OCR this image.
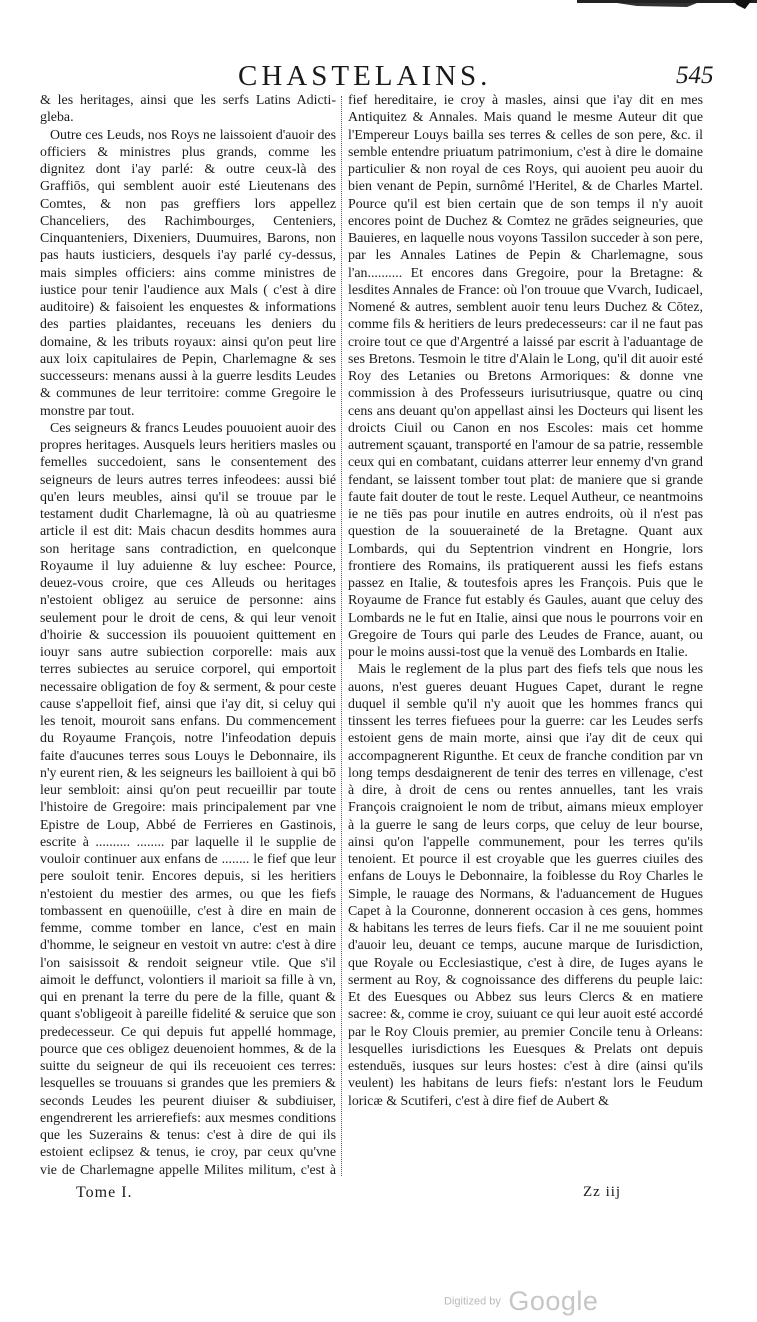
CHASTELAINS.	545

& les heritages, ainsi que les serfs Latins Adicti-gleba.

Outre ces Leuds, nos Roys ne laissoient d'auoir des officiers & ministres plus grands, comme les dignitez dont i'ay parlé: & outre ceux-là des Graffiōs, qui semblent auoir esté Lieutenans des Comtes, & non pas greffiers lors appellez Chanceliers, des Rachimbourges, Centeniers, Cinquanteniers, Dixeniers, Duumuires, Barons, non pas hauts iusticiers, desquels i'ay parlé cy-dessus, mais simples officiers: ains comme ministres de iustice pour tenir l'audience aux Mals ( c'est à dire auditoire) & faisoient les enquestes & informations des parties plaidantes, receuans les deniers du domaine, & les tributs royaux: ainsi qu'on peut lire aux loix capitulaires de Pepin, Charlemagne & ses successeurs: menans aussi à la guerre lesdits Leudes & communes de leur territoire: comme Gregoire le monstre par tout.

Ces seigneurs & francs Leudes pouuoient auoir des propres heritages. Ausquels leurs heritiers masles ou femelles succedoient, sans le consentement des seigneurs de leurs autres terres infeodees: aussi bié qu'en leurs meubles, ainsi qu'il se trouue par le testament dudit Charlemagne, là où au quatriesme article il est dit: Mais chacun desdits hommes aura son heritage sans contradiction, en quelconque Royaume il luy aduienne & luy eschee: Pource, deuez-vous croire, que ces Alleuds ou heritages n'estoient obligez au seruice de personne: ains seulement pour le droit de cens, & qui leur venoit d'hoirie & succession ils pouuoient quittement en iouyr sans autre subiection corporelle: mais aux terres subiectes au seruice corporel, qui emportoit necessaire obligation de foy & serment, & pour ceste cause s'appelloit fief, ainsi que i'ay dit, si celuy qui les tenoit, mouroit sans enfans. Du commencement du Royaume François, notre l'infeodation depuis faite d'aucunes terres sous Louys le Debonnaire, ils n'y eurent rien, & les seigneurs les bailloient à qui bō leur sembloit: ainsi qu'on peut recueillir par toute l'histoire de Gregoire: mais principalement par vne Epistre de Loup, Abbé de Ferrieres en Gastinois, escrite à .......... ........ par laquelle il le supplie de vouloir continuer aux enfans de ........ le fief que leur pere souloit tenir. Encores depuis, si les heritiers n'estoient du mestier des armes, ou que les fiefs tombassent en quenoüille, c'est à dire en main de femme, comme tomber en lance, c'est en main d'homme, le seigneur en vestoit vn autre: c'est à dire l'on saisissoit & rendoit seigneur vtile. Que s'il aimoit le deffunct, volontiers il marioit sa fille à vn, qui en prenant la terre du pere de la fille, quant & quant s'obligeoit à pareille fidelité & seruice que son predecesseur. Ce qui depuis fut appellé hommage, pource que ces obligez deuenoient hommes, & de la suitte du seigneur de qui ils receuoient ces terres: lesquelles se trouuans si grandes que les premiers & seconds Leudes les peurent diuiser & subdiuiser, engendrerent les arrierefiefs: aux mesmes conditions que les Suzerains & tenus: c'est à dire de qui ils estoient eclipsez & tenus, ie croy, par ceux qu'vne vie de Charlemagne appelle Milites militum, c'est à

fief hereditaire, ie croy à masles, ainsi que i'ay dit en mes Antiquitez & Annales. Mais quand le mesme Auteur dit que l'Empereur Louys bailla ses terres & celles de son pere, &c. il semble entendre priuatum patrimonium, c'est à dire le domaine particulier & non royal de ces Roys, qui auoient peu auoir du bien venant de Pepin, surnômé l'Heritel, & de Charles Martel. Pource qu'il est bien certain que de son temps il n'y auoit encores point de Duchez & Comtez ne grādes seigneuries, que Bauieres, en laquelle nous voyons Tassilon succeder à son pere, par les Annales Latines de Pepin & Charlemagne, sous l'an.......... Et encores dans Gregoire, pour la Bretagne: & lesdites Annales de France: où l'on trouue que Vvarch, Iudicael, Nomené & autres, semblent auoir tenu leurs Duchez & Cōtez, comme fils & heritiers de leurs predecesseurs: car il ne faut pas croire tout ce que d'Argentré a laissé par escrit à l'aduantage de ses Bretons. Tesmoin le titre d'Alain le Long, qu'il dit auoir esté Roy des Letanies ou Bretons Armoriques: & donne vne commission à des Professeurs iurisutriusque, quatre ou cinq cens ans deuant qu'on appellast ainsi les Docteurs qui lisent les droicts Ciuil ou Canon en nos Escoles: mais cet homme autrement sçauant, transporté en l'amour de sa patrie, ressemble ceux qui en combatant, cuidans atterrer leur ennemy d'vn grand fendant, se laissent tomber tout plat: de maniere que si grande faute fait douter de tout le reste. Lequel Autheur, ce neantmoins ie ne tiēs pas pour inutile en autres endroits, où il n'est pas question de la souueraineté de la Bretagne. Quant aux Lombards, qui du Septentrion vindrent en Hongrie, lors frontiere des Romains, ils pratiquerent aussi les fiefs estans passez en Italie, & toutesfois apres les François. Puis que le Royaume de France fut estably és Gaules, auant que celuy des Lombards ne le fut en Italie, ainsi que nous le pourrons voir en Gregoire de Tours qui parle des Leudes de France, auant, ou pour le moins aussi-tost que la venuë des Lombards en Italie.

Mais le reglement de la plus part des fiefs tels que nous les auons, n'est gueres deuant Hugues Capet, durant le regne duquel il semble qu'il n'y auoit que les hommes francs qui tinssent les terres fiefuees pour la guerre: car les Leudes serfs estoient gens de main morte, ainsi que i'ay dit de ceux qui accompagnerent Rigunthe. Et ceux de franche condition par vn long temps desdaignerent de tenir des terres en villenage, c'est à dire, à droit de cens ou rentes annuelles, tant les vrais François craignoient le nom de tribut, aimans mieux employer à la guerre le sang de leurs corps, que celuy de leur bourse, ainsi qu'on l'appelle communement, pour les terres qu'ils tenoient. Et pource il est croyable que les guerres ciuiles des enfans de Louys le Debonnaire, la foiblesse du Roy Charles le Simple, le rauage des Normans, & l'aduancement de Hugues Capet à la Couronne, donnerent occasion à ces gens, hommes & habitans les terres de leurs fiefs. Car il ne me souuient point d'auoir leu, deuant ce temps, aucune marque de Iurisdiction, que Royale ou Ecclesiastique, c'est à dire, de Iuges ayans le serment au Roy, & cognoissance des differens du peuple laic: Et des Euesques ou Abbez sus leurs Clercs & en matiere sacree: &, comme ie croy, suiuant ce qui leur auoit esté accordé par le Roy Clouis premier, au premier Concile tenu à Orleans: lesquelles iurisdictions les Euesques & Prelats ont depuis estenduēs, iusques sur leurs hostes: c'est à dire (ainsi qu'ils veulent) les habitans de leurs fiefs: n'estant lors le Feudum loricæ & Scutiferi, c'est à dire fief de Aubert &

Tome I.	Zz iij
Digitized by Google
